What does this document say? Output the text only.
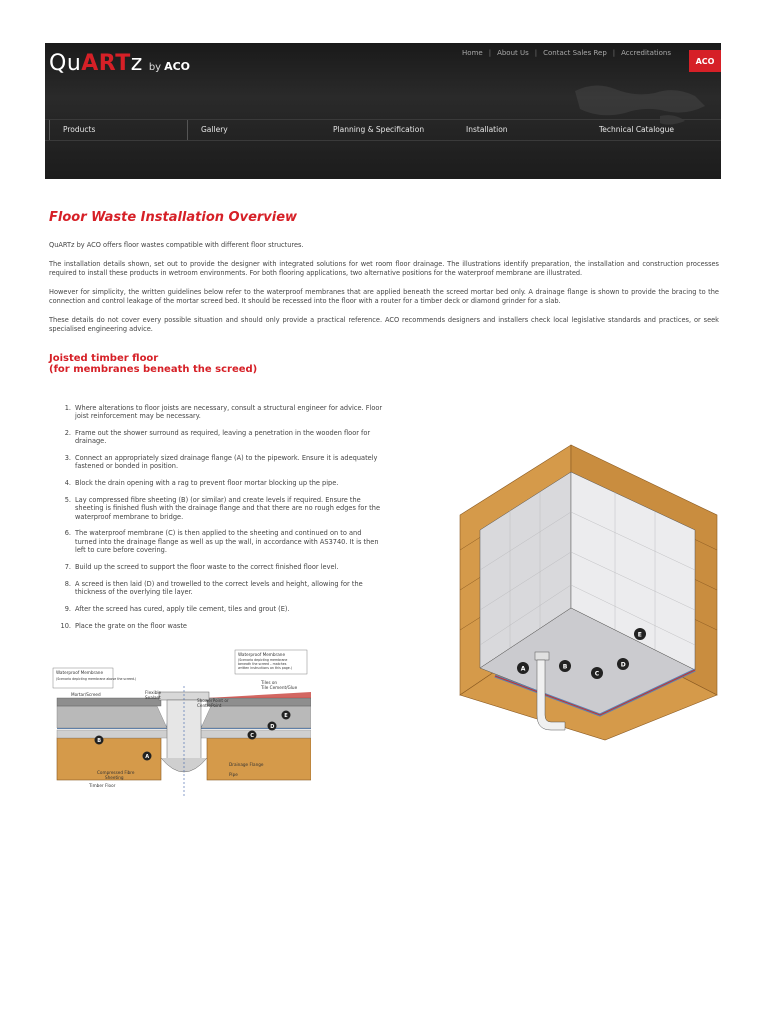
Qu ART z by ACO
Home | About Us | Contact Sales Rep | Accreditations
ACO
Products	Gallery	Planning & Specification	Installation	Technical Catalogue
Floor Waste Installation Overview

QuARTz by ACO offers floor wastes compatible with different floor structures.

The installation details shown, set out to provide the designer with integrated solutions for wet room floor drainage. The illustrations identify preparation, the installation and construction processes required to install these products in wetroom environments. For both flooring applications, two alternative positions for the waterproof membrane are illustrated.

However for simplicity, the written guidelines below refer to the waterproof membranes that are applied beneath the screed mortar bed only. A drainage flange is shown to provide the bracing to the connection and control leakage of the mortar screed bed. It should be recessed into the floor with a router for a timber deck or diamond grinder for a slab.

These details do not cover every possible situation and should only provide a practical reference. ACO recommends designers and installers check local legislative standards and practices, or seek specialised engineering advice.

Joisted timber floor
(for membranes beneath the screed)
1. Where alterations to floor joists are necessary, consult a structural engineer for advice. Floor joist reinforcement may be necessary.
2. Frame out the shower surround as required, leaving a penetration in the wooden floor for drainage.
3. Connect an appropriately sized drainage flange (A) to the pipework. Ensure it is adequately fastened or bonded in position.
4. Block the drain opening with a rag to prevent floor mortar blocking up the pipe.
5. Lay compressed fibre sheeting (B) (or similar) and create levels if required. Ensure the sheeting is finished flush with the drainage flange and that there are no rough edges for the waterproof membrane to bridge.
6. The waterproof membrane (C) is then applied to the sheeting and continued on to and turned into the drainage flange as well as up the wall, in accordance with AS3740. It is then left to cure before covering.
7. Build up the screed to support the floor waste to the correct finished floor level.
8. A screed is then laid (D) and trowelled to the correct levels and height, allowing for the thickness of the overlying tile layer.
9. After the screed has cured, apply tile cement, tiles and grout (E).
10. Place the grate on the floor waste
Waterproof Membrane
(Scenario depicting membrane above the screed.)
Mortar/Screed	Flexible
Sealant
ShowerPoint or
CentrePoint
Waterproof Membrane
(Scenario depicting membrane
beneath the screed – matches
written instructions on this page.)
Tiles on
Tile Cement/Glue
Compressed Fibre
Sheeting
Timber Floor
Drainage Flange
Pipe
A
B
C
D
E
A	B
C
D
E
